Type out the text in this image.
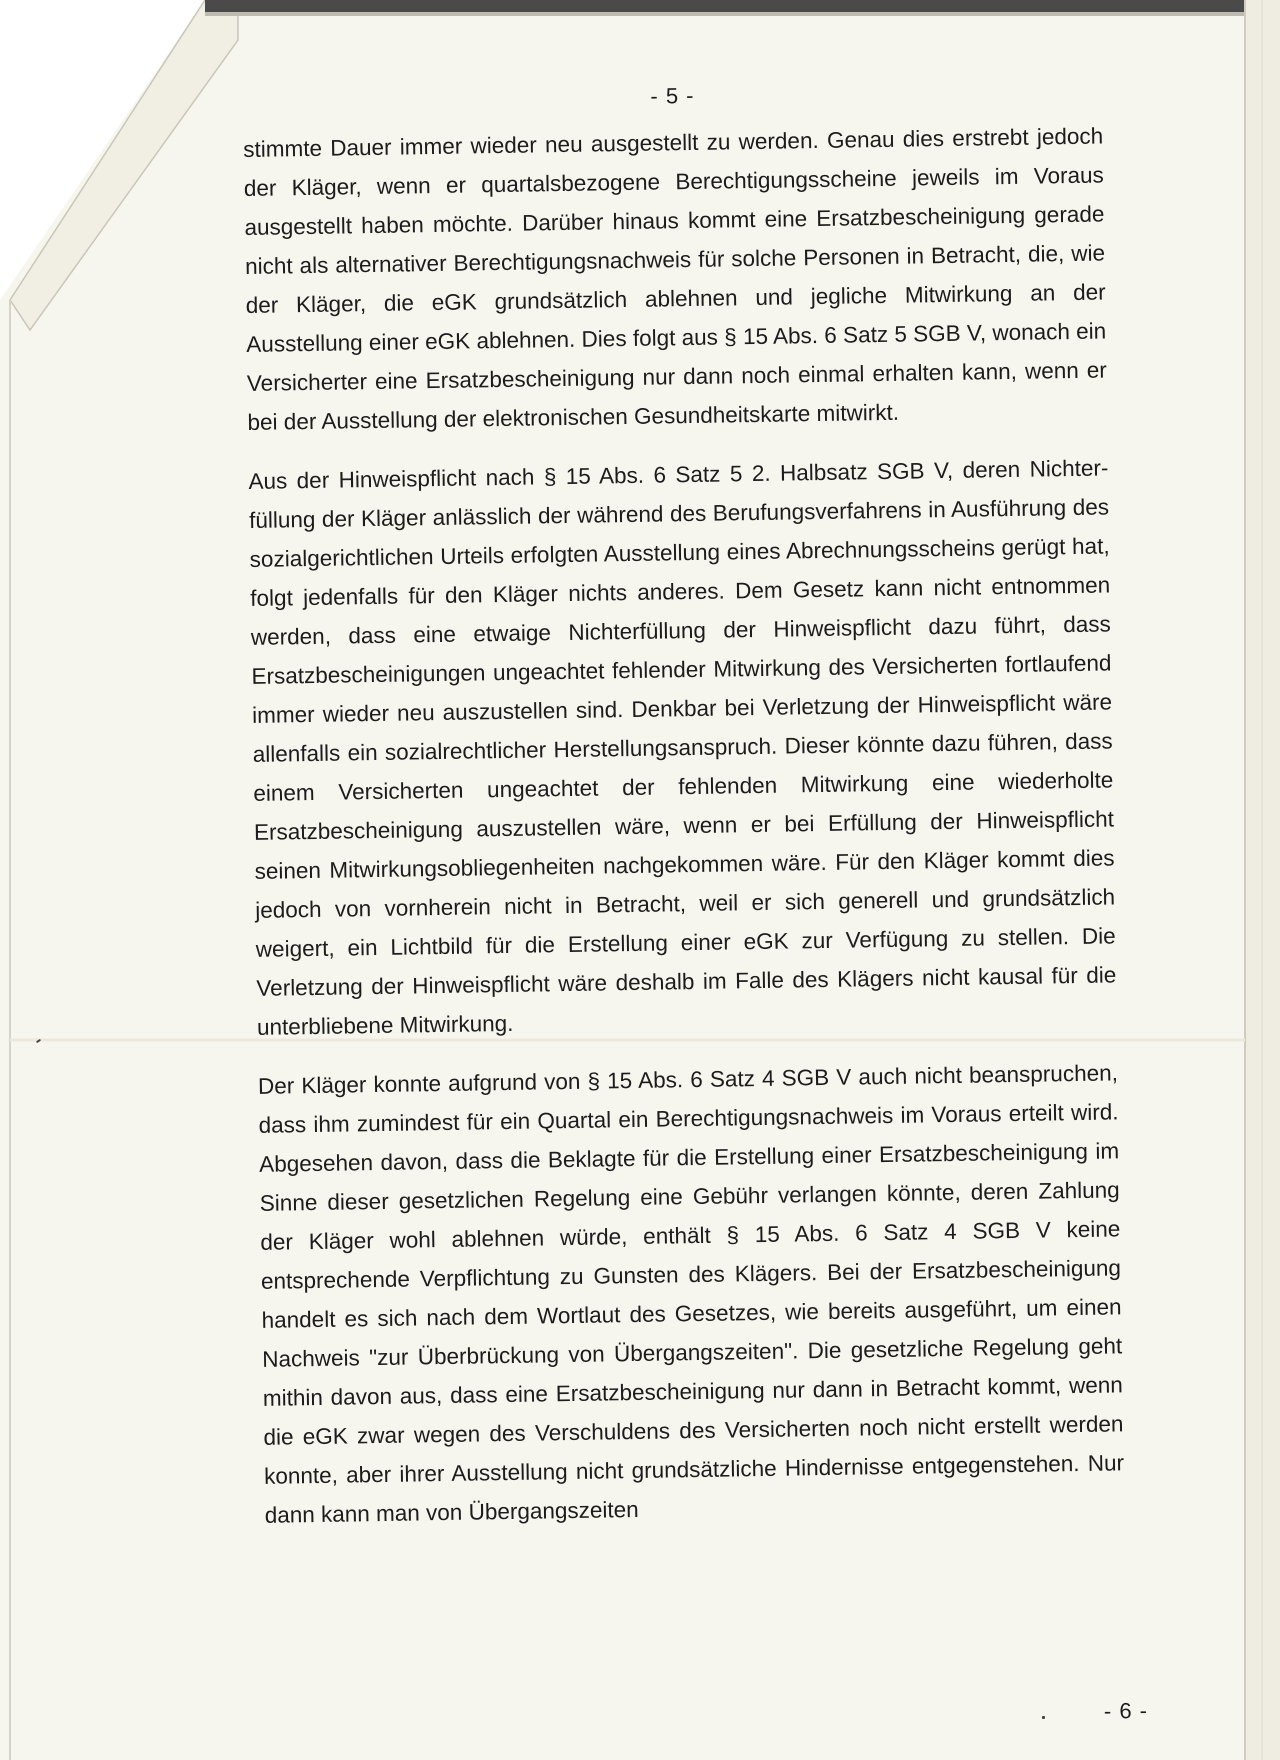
- 5 -

stimmte Dauer immer wieder neu ausgestellt zu werden. Genau dies erstrebt jedoch der Kläger, wenn er quartalsbezogene Berechtigungsscheine jeweils im Voraus ausgestellt haben möchte. Darüber hinaus kommt eine Ersatzbescheinigung gerade nicht als alternativer Berechtigungsnachweis für solche Personen in Betracht, die, wie der Kläger, die eGK grundsätzlich ablehnen und jegliche Mitwirkung an der Ausstellung einer eGK ablehnen. Dies folgt aus § 15 Abs. 6 Satz 5 SGB V, wonach ein Versicherter eine Ersatzbescheinigung nur dann noch einmal erhalten kann, wenn er bei der Ausstellung der elektronischen Gesundheitskarte mitwirkt.

Aus der Hinweispflicht nach § 15 Abs. 6 Satz 5 2. Halbsatz SGB V, deren Nichterfüllung der Kläger anlässlich der während des Berufungsverfahrens in Ausführung des sozialgerichtlichen Urteils erfolgten Ausstellung eines Abrechnungsscheins gerügt hat, folgt jedenfalls für den Kläger nichts anderes. Dem Gesetz kann nicht entnommen werden, dass eine etwaige Nichterfüllung der Hinweispflicht dazu führt, dass Ersatzbescheinigungen ungeachtet fehlender Mitwirkung des Versicherten fortlaufend immer wieder neu auszustellen sind. Denkbar bei Verletzung der Hinweispflicht wäre allenfalls ein sozialrechtlicher Herstellungsanspruch. Dieser könnte dazu führen, dass einem Versicherten ungeachtet der fehlenden Mitwirkung eine wiederholte Ersatzbescheinigung auszustellen wäre, wenn er bei Erfüllung der Hinweispflicht seinen Mitwirkungsobliegenheiten nachgekommen wäre. Für den Kläger kommt dies jedoch von vornherein nicht in Betracht, weil er sich generell und grundsätzlich weigert, ein Lichtbild für die Erstellung einer eGK zur Verfügung zu stellen. Die Verletzung der Hinweispflicht wäre deshalb im Falle des Klägers nicht kausal für die unterbliebene Mitwirkung.

Der Kläger konnte aufgrund von § 15 Abs. 6 Satz 4 SGB V auch nicht beanspruchen, dass ihm zumindest für ein Quartal ein Berechtigungsnachweis im Voraus erteilt wird. Abgesehen davon, dass die Beklagte für die Erstellung einer Ersatzbescheinigung im Sinne dieser gesetzlichen Regelung eine Gebühr verlangen könnte, deren Zahlung der Kläger wohl ablehnen würde, enthält § 15 Abs. 6 Satz 4 SGB V keine entsprechende Verpflichtung zu Gunsten des Klägers. Bei der Ersatzbescheinigung handelt es sich nach dem Wortlaut des Gesetzes, wie bereits ausgeführt, um einen Nachweis "zur Überbrückung von Übergangszeiten". Die gesetzliche Regelung geht mithin davon aus, dass eine Ersatzbescheinigung nur dann in Betracht kommt, wenn die eGK zwar wegen des Verschuldens des Versicherten noch nicht erstellt werden konnte, aber ihrer Ausstellung nicht grundsätzliche Hindernisse entgegenstehen. Nur dann kann man von Übergangszeiten

- 6 -
